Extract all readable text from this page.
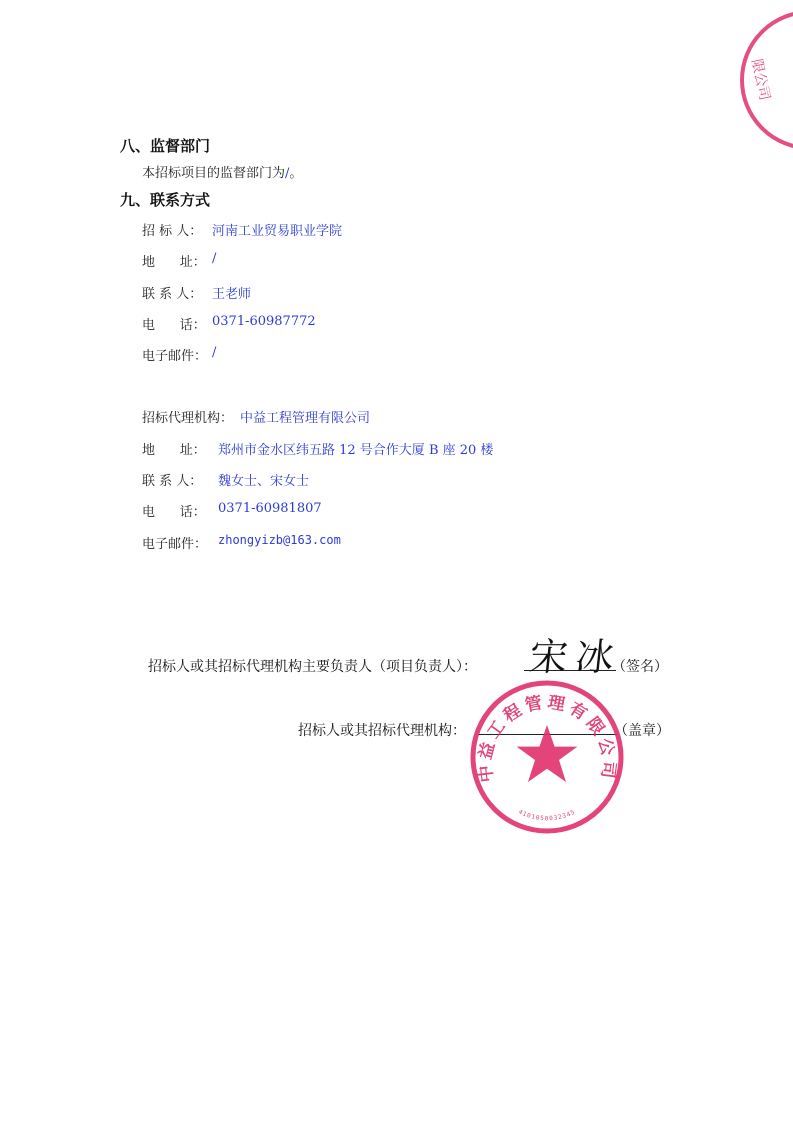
限公司
八、监督部门
本招标项目的监督部门为/。
九、联系方式
招 标 人： 河南工业贸易职业学院
地      址： /
联 系 人： 王老师
电      话： 0371-60987772
电子邮件： /
招标代理机构： 中益工程管理有限公司
地      址： 郑州市金水区纬五路 12 号合作大厦 B 座 20 楼
联 系 人： 魏女士、宋女士
电      话： 0371-60981807
电子邮件： zhongyizb@163.com
招标人或其招标代理机构主要负责人（项目负责人）： 宋冰
（签名）
招标人或其招标代理机构：	（盖章）
中益工程管理有限公司
4101050032345
